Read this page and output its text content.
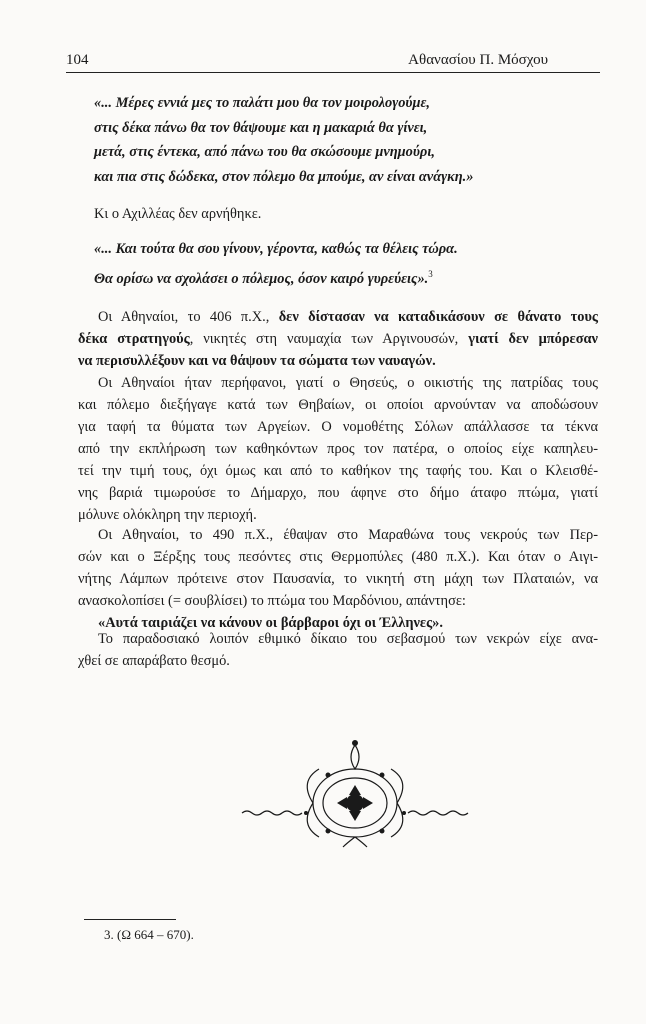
104	Αθανασίου Π. Μόσχου
«... Μέρες εννιά μες το παλάτι μου θα τον μοιρολογούμε,
στις δέκα πάνω θα τον θάψουμε και η μακαριά θα γίνει,
μετά, στις έντεκα, από πάνω του θα σκώσουμε μνημούρι,
και πια στις δώδεκα, στον πόλεμο θα μπούμε, αν είναι ανάγκη.»
Κι ο Αχιλλέας δεν αρνήθηκε.
«... Και τούτα θα σου γίνουν, γέροντα, καθώς τα θέλεις τώρα.
Θα ορίσω να σχολάσει ο πόλεμος, όσον καιρό γυρεύεις».$^3$
Οι Αθηναίοι, το 406 π.Χ., δεν δίστασαν να καταδικάσουν σε θάνατο τους
δέκα στρατηγούς, νικητές στη ναυμαχία των Αργινουσών, γιατί δεν μπόρεσαν
να περισυλλέξουν και να θάψουν τα σώματα των ναυαγών.
Οι Αθηναίοι ήταν περήφανοι, γιατί ο Θησεύς, ο οικιστής της πατρίδας τους
και πόλεμο διεξήγαγε κατά των Θηβαίων, οι οποίοι αρνούνταν να αποδώσουν
για ταφή τα θύματα των Αργείων. Ο νομοθέτης Σόλων απάλλασσε τα τέκνα
από την εκπλήρωση των καθηκόντων προς τον πατέρα, ο οποίος είχε καπηλευ-
τεί την τιμή τους, όχι όμως και από το καθήκον της ταφής του. Και ο Κλεισθέ-
νης βαριά τιμωρούσε το Δήμαρχο, που άφηνε στο δήμο άταφο πτώμα, γιατί
μόλυνε ολόκληρη την περιοχή.
Οι Αθηναίοι, το 490 π.Χ., έθαψαν στο Μαραθώνα τους νεκρούς των Περ-
σών και ο Ξέρξης τους πεσόντες στις Θερμοπύλες (480 π.Χ.). Και όταν ο Αιγι-
νήτης Λάμπων πρότεινε στον Παυσανία, το νικητή στη μάχη των Πλαταιών, να
ανασκολοπίσει (= σουβλίσει) το πτώμα του Μαρδόνιου, απάντησε:
«Αυτά ταιριάζει να κάνουν οι βάρβαροι όχι οι Έλληνες».
Το παραδοσιακό λοιπόν εθιμικό δίκαιο του σεβασμού των νεκρών είχε ανα-
χθεί σε απαράβατο θεσμό.
3. (Ω 664 – 670).
